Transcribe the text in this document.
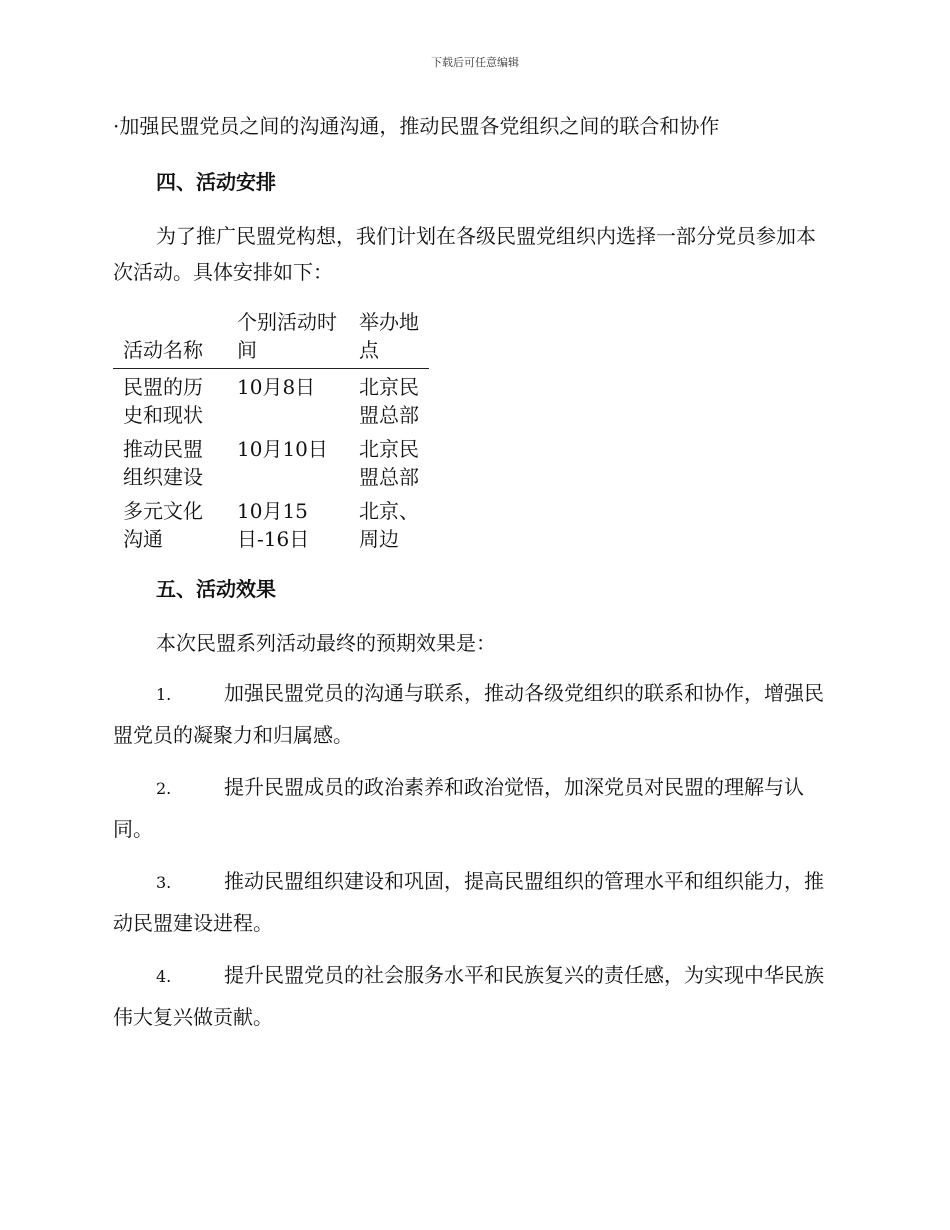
下载后可任意编辑

·加强民盟党员之间的沟通沟通，推动民盟各党组织之间的联合和协作

四、活动安排

为了推广民盟党构想，我们计划在各级民盟党组织内选择一部分党员参加本次活动。具体安排如下：

活动名称	个别活动时间	举办地点
民盟的历史和现状	10月8日	北京民盟总部
推动民盟组织建设	10月10日	北京民盟总部
多元文化沟通	10月15日-16日	北京、周边
五、活动效果

本次民盟系列活动最终的预期效果是：

1.	加强民盟党员的沟通与联系，推动各级党组织的联系和协作，增强民盟党员的凝聚力和归属感。

2.	提升民盟成员的政治素养和政治觉悟，加深党员对民盟的理解与认同。

3.	推动民盟组织建设和巩固，提高民盟组织的管理水平和组织能力，推动民盟建设进程。

4.	提升民盟党员的社会服务水平和民族复兴的责任感，为实现中华民族伟大复兴做贡献。
